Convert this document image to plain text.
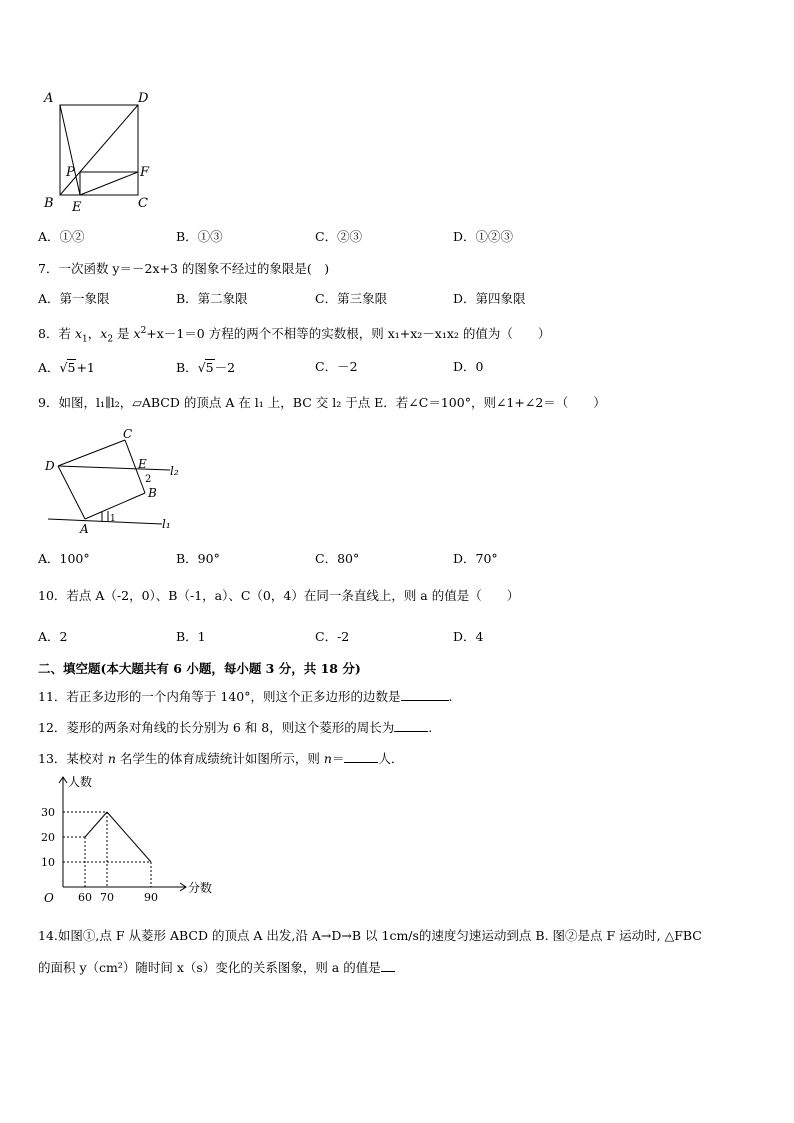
A	D
P	F
B E	C
A．①②	B．①③	C．②③	D．①②③
7．一次函数 y＝－2x+3 的图象不经过的象限是(　)
A．第一象限	B．第二象限	C．第三象限	D．第四象限
8．若 $x_1$，$x_2$ 是 $x^2+x-1=0$ 方程的两个不相等的实数根，则 x₁+x₂－x₁x₂ 的值为（　　）
A．√5+1	B．√5－2	C．－2	D．0
9．如图，l₁∥l₂，▱ABCD 的顶点 A 在 l₁ 上，BC 交 l₂ 于点 E．若∠C＝100°，则∠1+∠2＝（　　）
C
D	E l₂
2
B
1
A	l₁
A．100°	B．90°	C．80°	D．70°
10．若点 A（-2，0）、B（-1，a）、C（0，4）在同一条直线上，则 a 的值是（　　）
A．2	B．1	C．-2	D．4
二、填空题(本大题共有 6 小题，每小题 3 分，共 18 分)
11．若正多边形的一个内角等于 140°，则这个正多边形的边数是	.
12．菱形的两条对角线的长分别为 6 和 8，则这个菱形的周长为	.
13．某校对 n 名学生的体育成绩统计如图所示，则 n＝	人．
60 70	90
10
20
30
人数
分数
O
14.如图①,点 F 从菱形 ABCD 的顶点 A 出发,沿 A→D→B 以 1cm/s的速度匀速运动到点 B. 图②是点 F 运动时, △FBC
的面积 y（cm²）随时间 x（s）变化的关系图象，则 a 的值是
